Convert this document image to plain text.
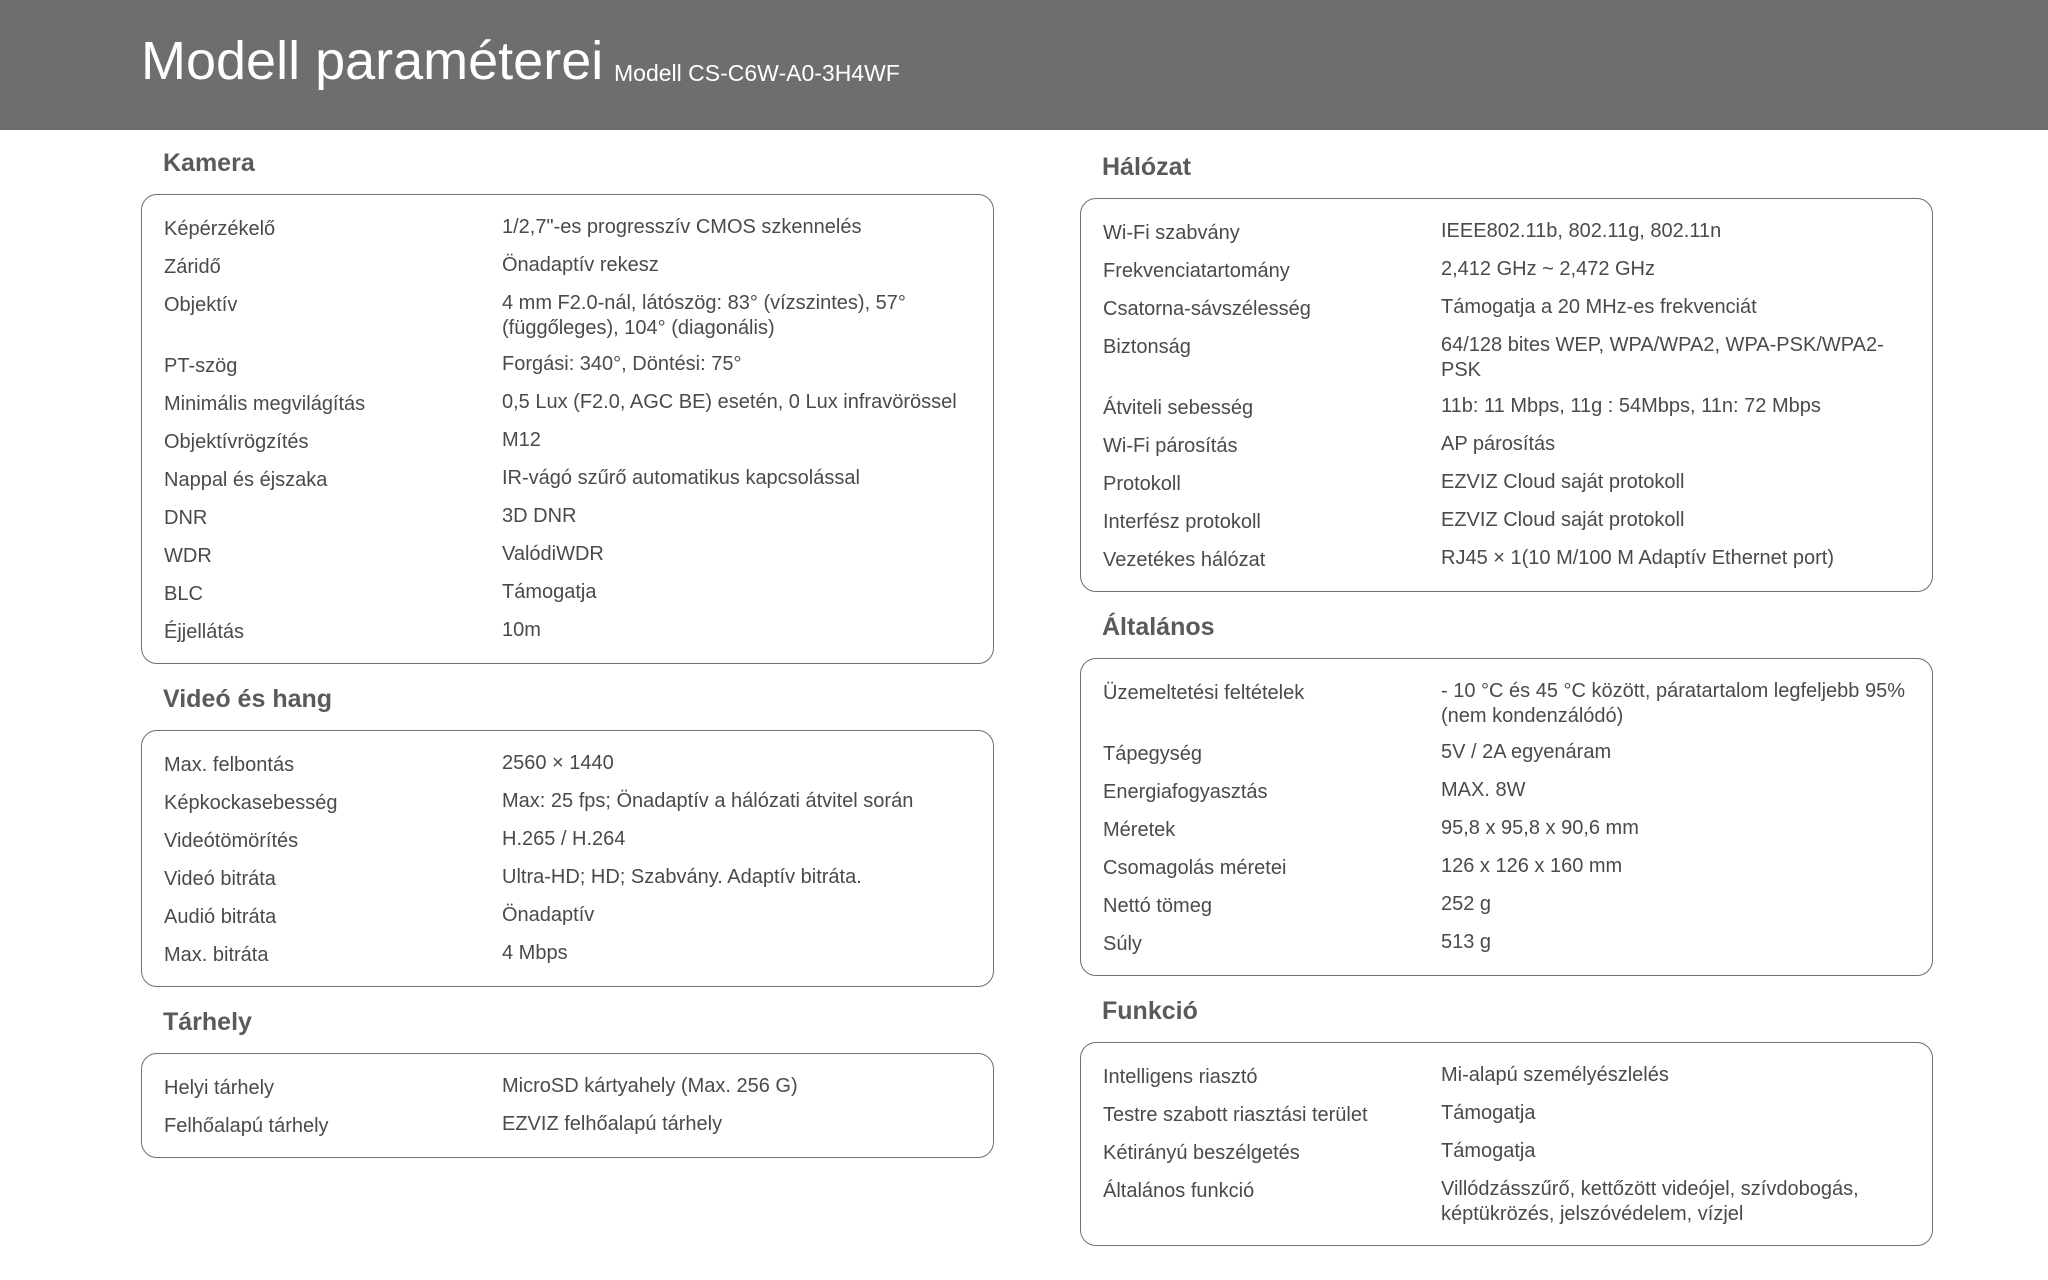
Modell paraméterei Modell CS-C6W-A0-3H4WF
Kamera
Képérzékelő	1/2,7"-es progresszív CMOS szkennelés
Záridő	Önadaptív rekesz
Objektív	4 mm F2.0-nál, látószög: 83° (vízszintes), 57° (függőleges), 104° (diagonális)
PT-szög	Forgási: 340°, Döntési: 75°
Minimális megvilágítás	0,5 Lux (F2.0, AGC BE) esetén, 0 Lux infravörössel
Objektívrögzítés	M12
Nappal és éjszaka	IR-vágó szűrő automatikus kapcsolással
DNR	3D DNR
WDR	ValódiWDR
BLC	Támogatja
Éjjellátás	10m
Videó és hang
Max. felbontás	2560 × 1440
Képkockasebesség	Max: 25 fps; Önadaptív a hálózati átvitel során
Videótömörítés	H.265 / H.264
Videó bitrátа	Ultra-HD; HD; Szabvány. Adaptív bitráta.
Audió bitráta	Önadaptív
Max. bitráta	4 Mbps
Tárhely
Helyi tárhely	MicroSD kártyahely (Max. 256 G)
Felhőalapú tárhely	EZVIZ felhőalapú tárhely
Hálózat
Wi-Fi szabvány	IEEE802.11b, 802.11g, 802.11n
Frekvenciatartomány	2,412 GHz ~ 2,472 GHz
Csatorna-sávszélesség	Támogatja a 20 MHz-es frekvenciát
Biztonság	64/128 bites WEP, WPA/WPA2, WPA-PSK/WPA2-PSK
Átviteli sebesség	11b: 11 Mbps, 11g : 54Mbps, 11n: 72 Mbps
Wi-Fi párosítás	AP párosítás
Protokoll	EZVIZ Cloud saját protokoll
Interfész protokoll	EZVIZ Cloud saját protokoll
Vezetékes hálózat	RJ45 × 1(10 M/100 M Adaptív Ethernet port)
Általános
Üzemeltetési feltételek	- 10 °C és 45 °C között, páratartalom legfeljebb 95% (nem kondenzálódó)
Tápegység	5V / 2A egyenáram
Energiafogyasztás	MAX. 8W
Méretek	95,8 x 95,8 x 90,6 mm
Csomagolás méretei	126 x 126 x 160 mm
Nettó tömeg	252 g
Súly	513 g
Funkció
Intelligens riasztó	Mi-alapú személyészlelés
Testre szabott riasztási terület	Támogatja
Kétirányú beszélgetés	Támogatja
Általános funkció	Villódzásszűrő, kettőzött videójel, szívdobogás, képtükrözés, jelszóvédelem, vízjel
